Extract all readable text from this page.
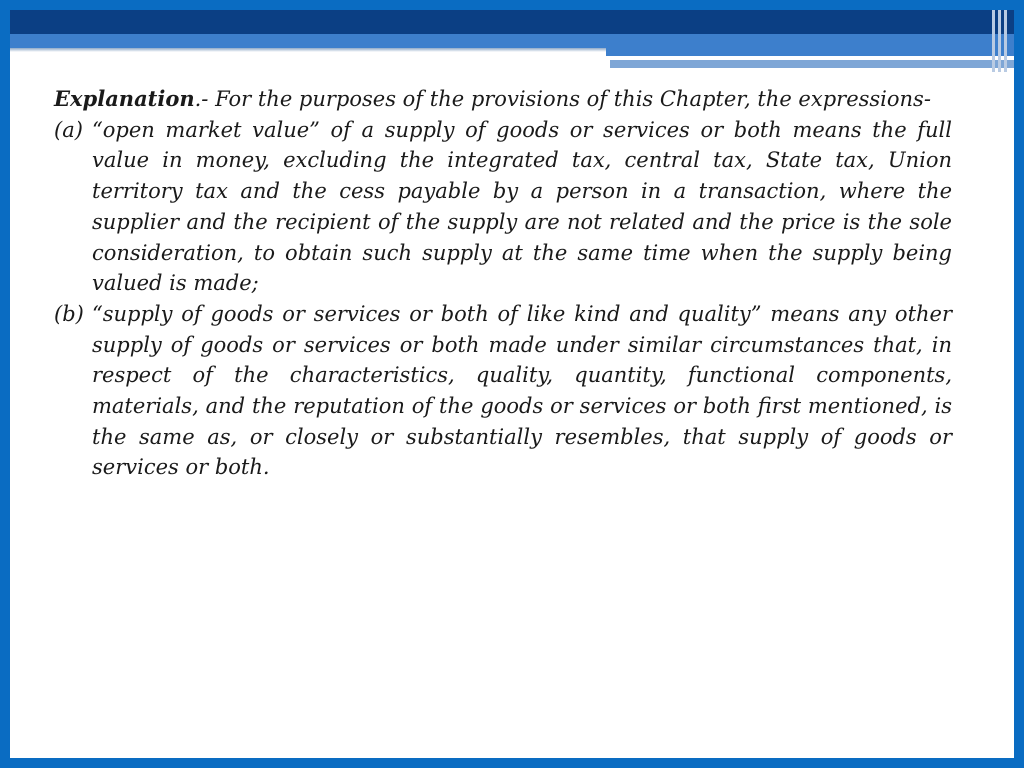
Explanation.- For the purposes of the provisions of this Chapter, the expressions-

(a) “open market value” of a supply of goods or services or both means the full value in money, excluding the integrated tax, central tax, State tax, Union territory tax and the cess payable by a person in a transaction, where the supplier and the recipient of the supply are not related and the price is the sole consideration, to obtain such supply at the same time when the supply being valued is made;
(b) “supply of goods or services or both of like kind and quality” means any other supply of goods or services or both made under similar circumstances that, in respect of the characteristics, quality, quantity, functional components, materials, and the reputation of the goods or services or both first mentioned, is the same as, or closely or substantially resembles, that supply of goods or services or both.
